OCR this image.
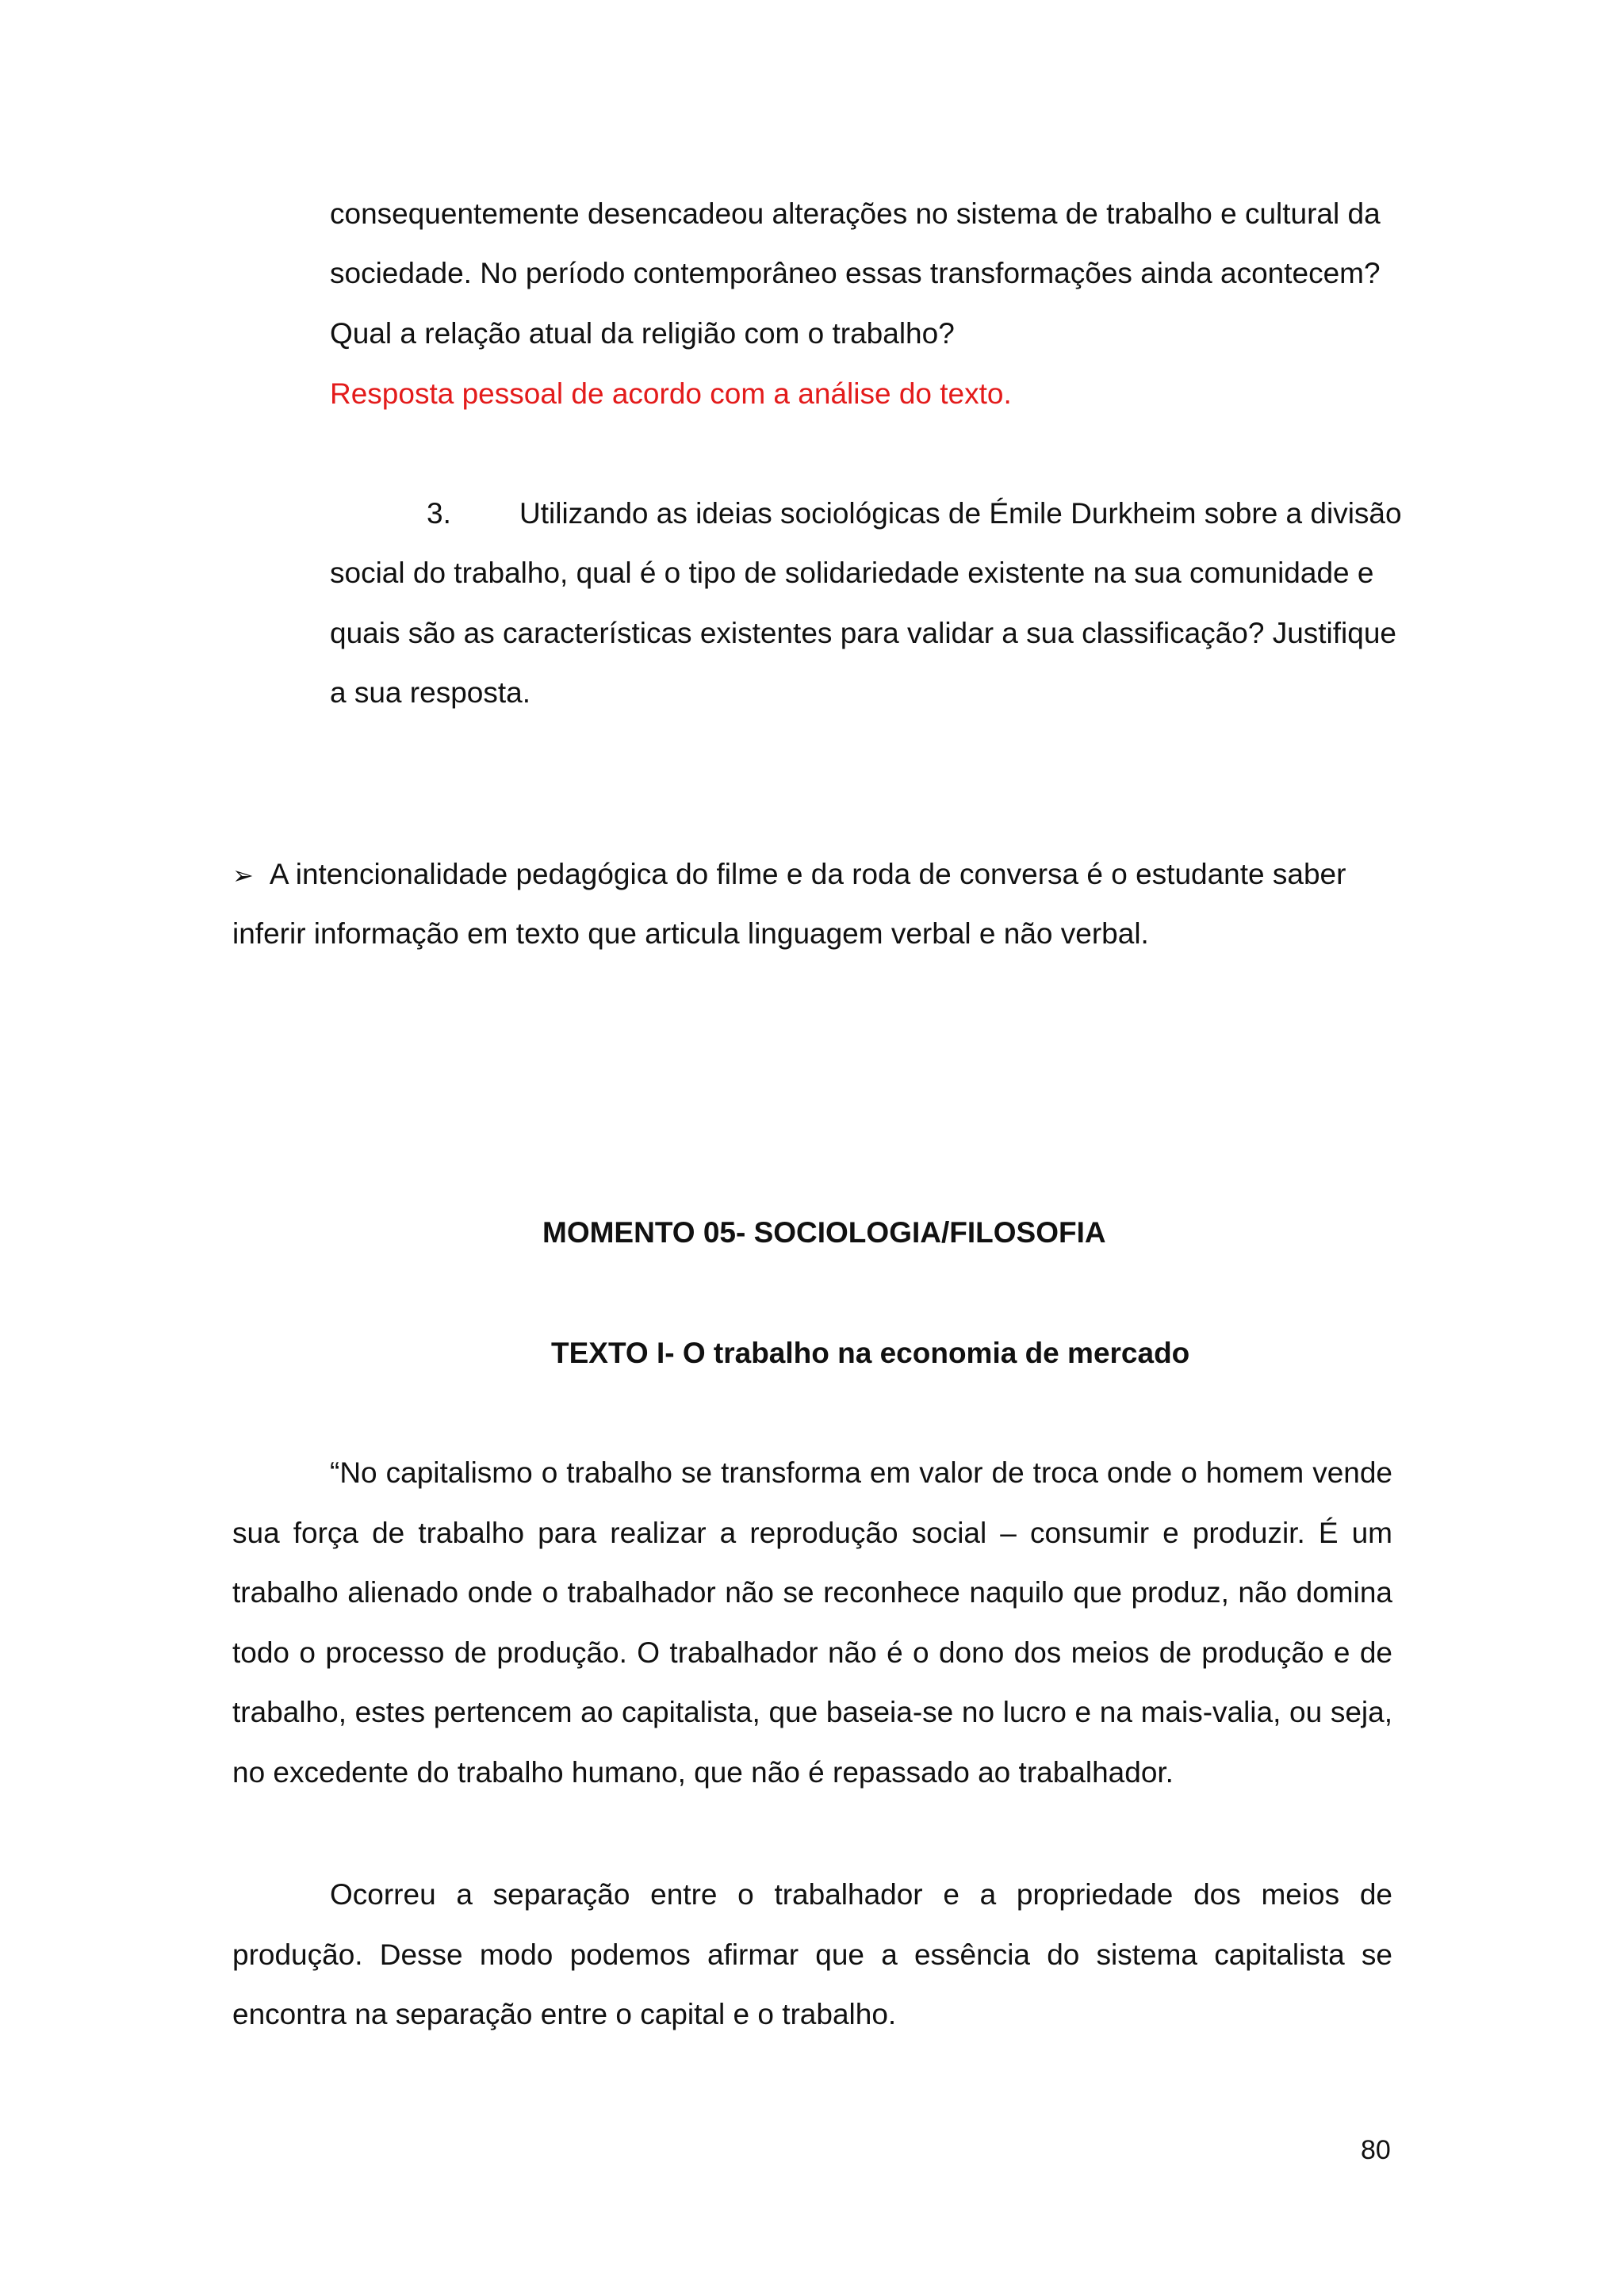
consequentemente desencadeou alterações no sistema de trabalho e cultural da
sociedade. No período contemporâneo essas transformações ainda acontecem?
Qual a relação atual da religião com o trabalho?
Resposta pessoal de acordo com a análise do texto.
3. Utilizando as ideias sociológicas de Émile Durkheim sobre a divisão
social do trabalho, qual é o tipo de solidariedade existente na sua comunidade e
quais são as características existentes para validar a sua classificação? Justifique
a sua resposta.
➢ A intencionalidade pedagógica do filme e da roda de conversa é o estudante saber
inferir informação em texto que articula linguagem verbal e não verbal.
MOMENTO 05- SOCIOLOGIA/FILOSOFIA
TEXTO I- O trabalho na economia de mercado
“No capitalismo o trabalho se transforma em valor de troca onde o homem vende sua força de trabalho para realizar a reprodução social – consumir e produzir. É um trabalho alienado onde o trabalhador não se reconhece naquilo que produz, não domina todo o processo de produção. O trabalhador não é o dono dos meios de produção e de trabalho, estes pertencem ao capitalista, que baseia-se no lucro e na mais-valia, ou seja, no excedente do trabalho humano, que não é repassado ao trabalhador.
Ocorreu a separação entre o trabalhador e a propriedade dos meios de produção. Desse modo podemos afirmar que a essência do sistema capitalista se encontra na separação entre o capital e o trabalho.
80
